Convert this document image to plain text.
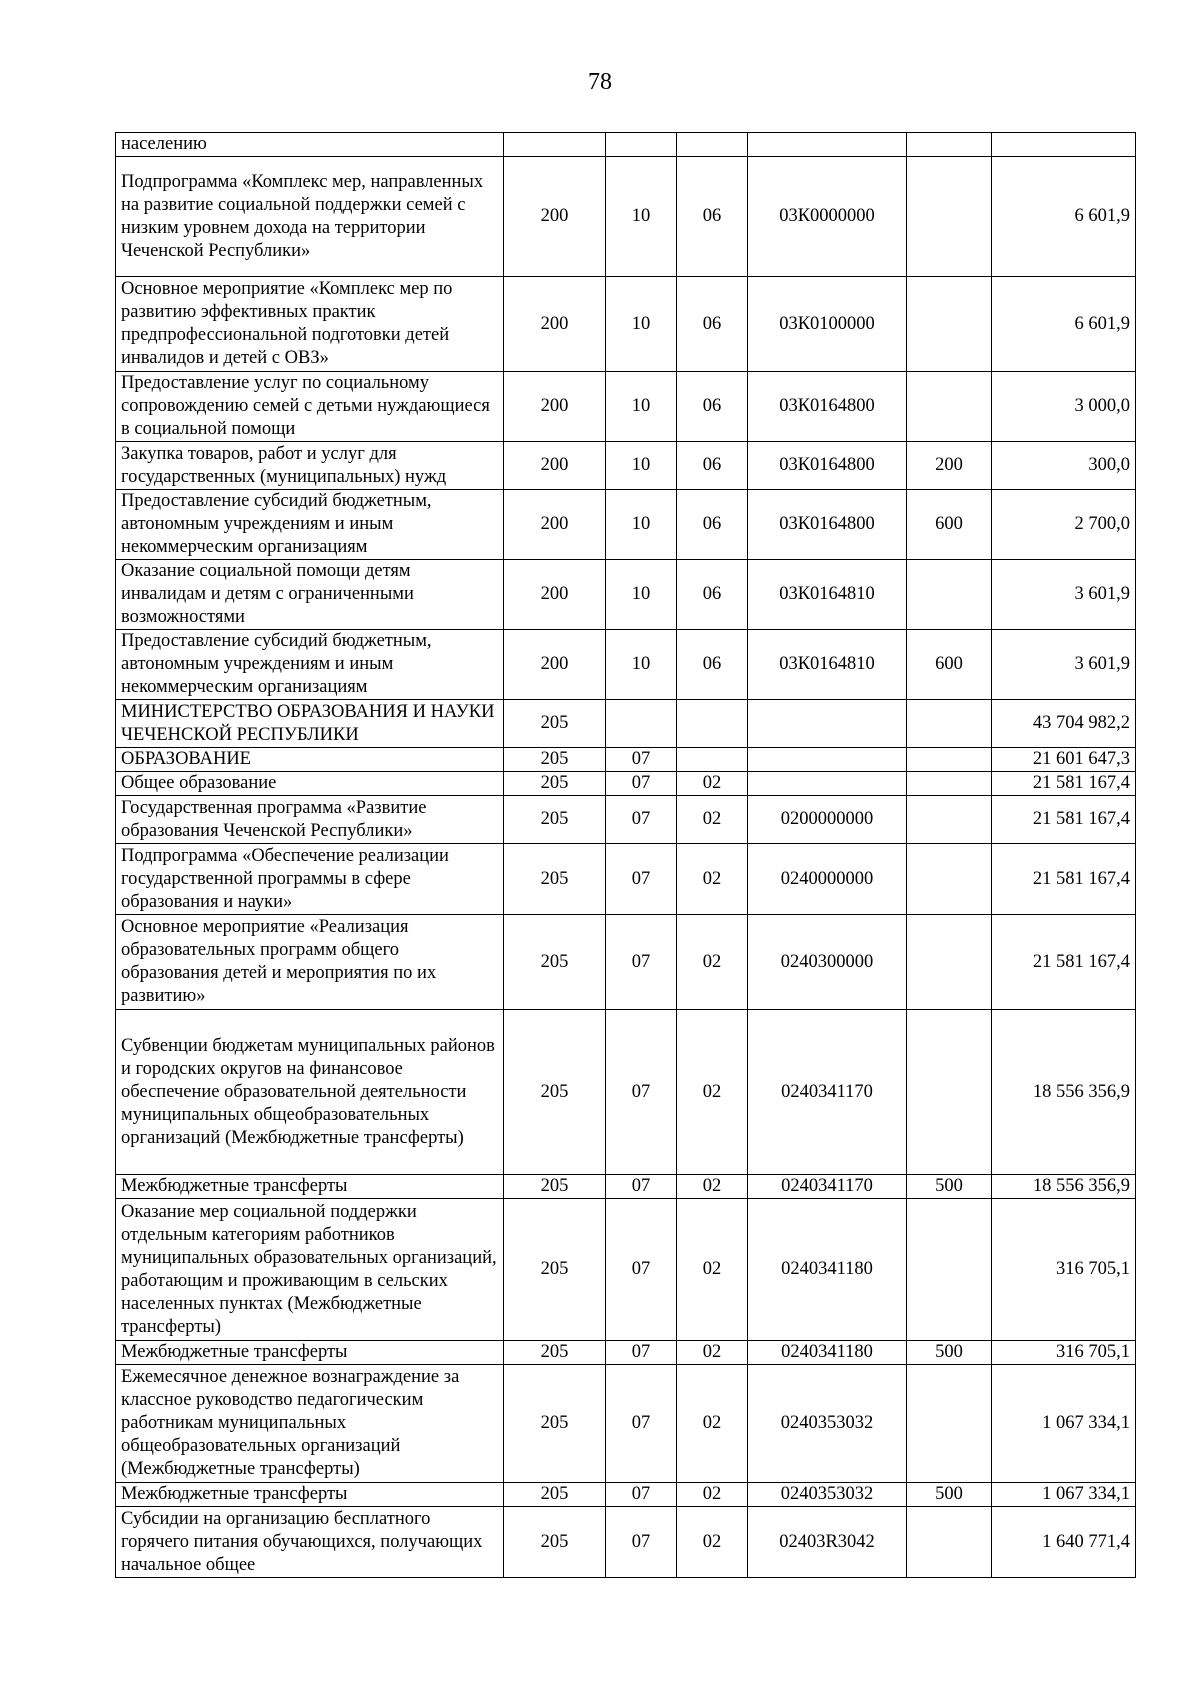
78
населению						
Подпрограмма «Комплекс мер, направленных на развитие социальной поддержки семей с низким уровнем дохода на территории Чеченской Республики»	200	10	06	03К0000000		6 601,9
Основное мероприятие «Комплекс мер по развитию эффективных практик предпрофессиональной подготовки детей инвалидов и детей с ОВЗ»	200	10	06	03К0100000		6 601,9
Предоставление услуг по социальному сопровождению семей с детьми нуждающиеся в социальной помощи	200	10	06	03К0164800		3 000,0
Закупка товаров, работ и услуг для государственных (муниципальных) нужд	200	10	06	03К0164800	200	300,0
Предоставление субсидий бюджетным, автономным учреждениям и иным некоммерческим организациям	200	10	06	03К0164800	600	2 700,0
Оказание социальной помощи детям инвалидам и детям с ограниченными возможностями	200	10	06	03К0164810		3 601,9
Предоставление субсидий бюджетным, автономным учреждениям и иным некоммерческим организациям	200	10	06	03К0164810	600	3 601,9
МИНИСТЕРСТВО ОБРАЗОВАНИЯ И НАУКИ ЧЕЧЕНСКОЙ РЕСПУБЛИКИ	205					43 704 982,2
ОБРАЗОВАНИЕ	205	07				21 601 647,3
Общее образование	205	07	02			21 581 167,4
Государственная программа «Развитие образования Чеченской Республики»	205	07	02	0200000000		21 581 167,4
Подпрограмма «Обеспечение реализации государственной программы в сфере образования и науки»	205	07	02	0240000000		21 581 167,4
Основное мероприятие «Реализация образовательных программ общего образования детей и мероприятия по их развитию»	205	07	02	0240300000		21 581 167,4
Субвенции бюджетам муниципальных районов и городских округов на финансовое обеспечение образовательной деятельности муниципальных общеобразовательных организаций (Межбюджетные трансферты)	205	07	02	0240341170		18 556 356,9
Межбюджетные трансферты	205	07	02	0240341170	500	18 556 356,9
Оказание мер социальной поддержки отдельным категориям работников муниципальных образовательных организаций, работающим и проживающим в сельских населенных пунктах (Межбюджетные трансферты)	205	07	02	0240341180		316 705,1
Межбюджетные трансферты	205	07	02	0240341180	500	316 705,1
Ежемесячное денежное вознаграждение за классное руководство педагогическим работникам муниципальных общеобразовательных организаций (Межбюджетные трансферты)	205	07	02	0240353032		1 067 334,1
Межбюджетные трансферты	205	07	02	0240353032	500	1 067 334,1
Субсидии на организацию бесплатного горячего питания обучающихся, получающих начальное общее	205	07	02	02403R3042		1 640 771,4
